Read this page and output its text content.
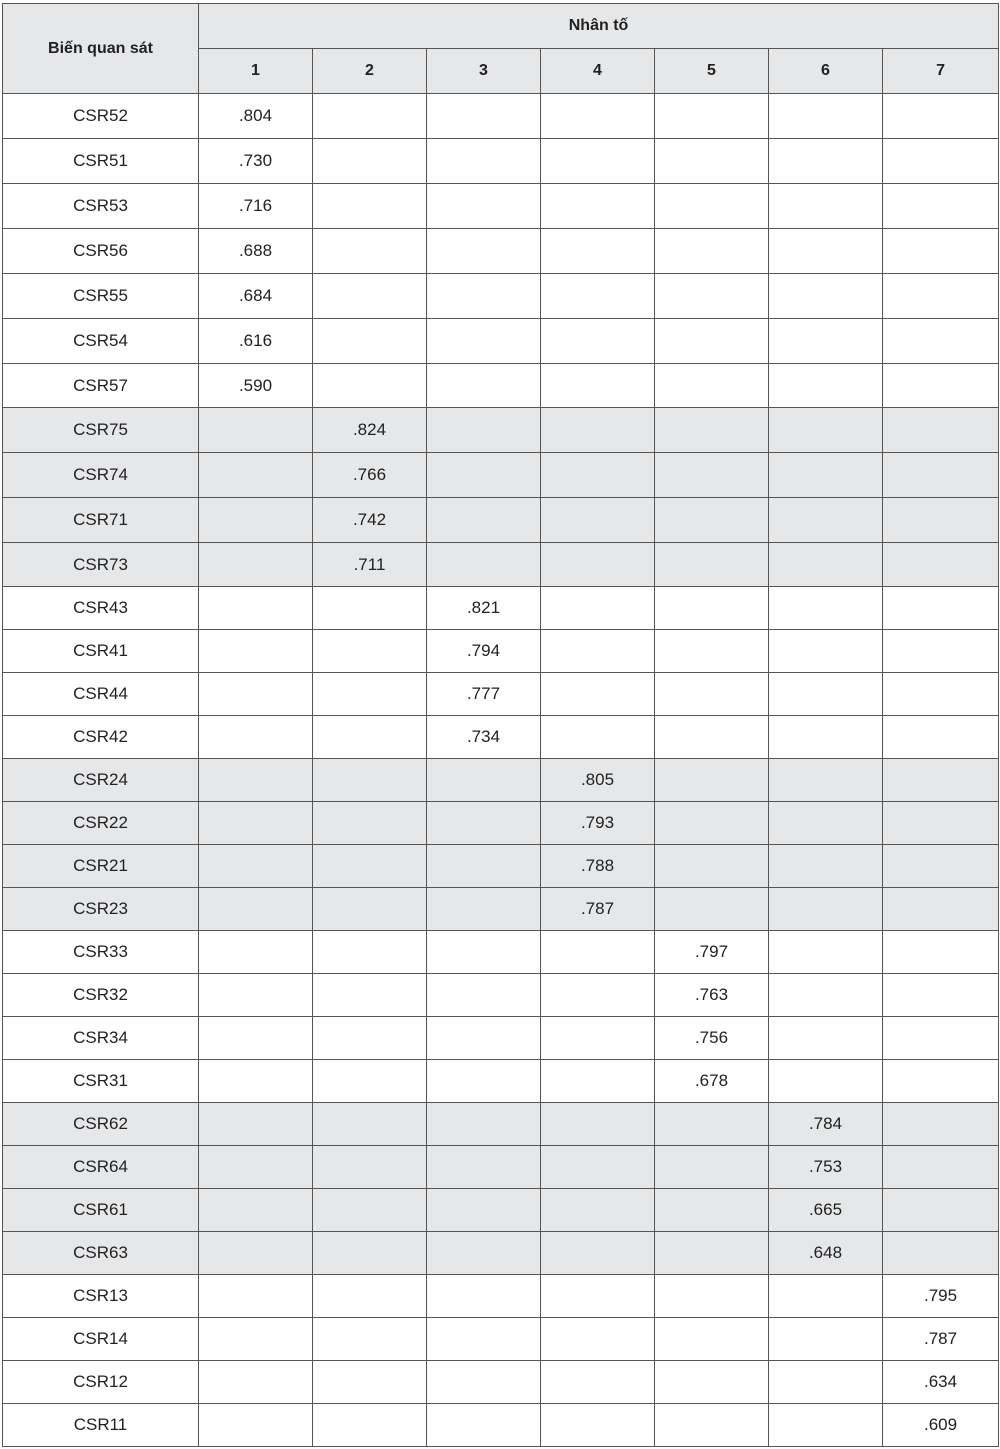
Biến quan sát	Nhân tố						
	1	2	3	4	5	6	7
CSR52	.804						
CSR51	.730						
CSR53	.716						
CSR56	.688						
CSR55	.684						
CSR54	.616						
CSR57	.590						
CSR75		.824					
CSR74		.766					
CSR71		.742					
CSR73		.711					
CSR43			.821				
CSR41			.794				
CSR44			.777				
CSR42			.734				
CSR24				.805			
CSR22				.793			
CSR21				.788			
CSR23				.787			
CSR33					.797		
CSR32					.763		
CSR34					.756		
CSR31					.678		
CSR62						.784	
CSR64						.753	
CSR61						.665	
CSR63						.648	
CSR13							.795
CSR14							.787
CSR12							.634
CSR11							.609
